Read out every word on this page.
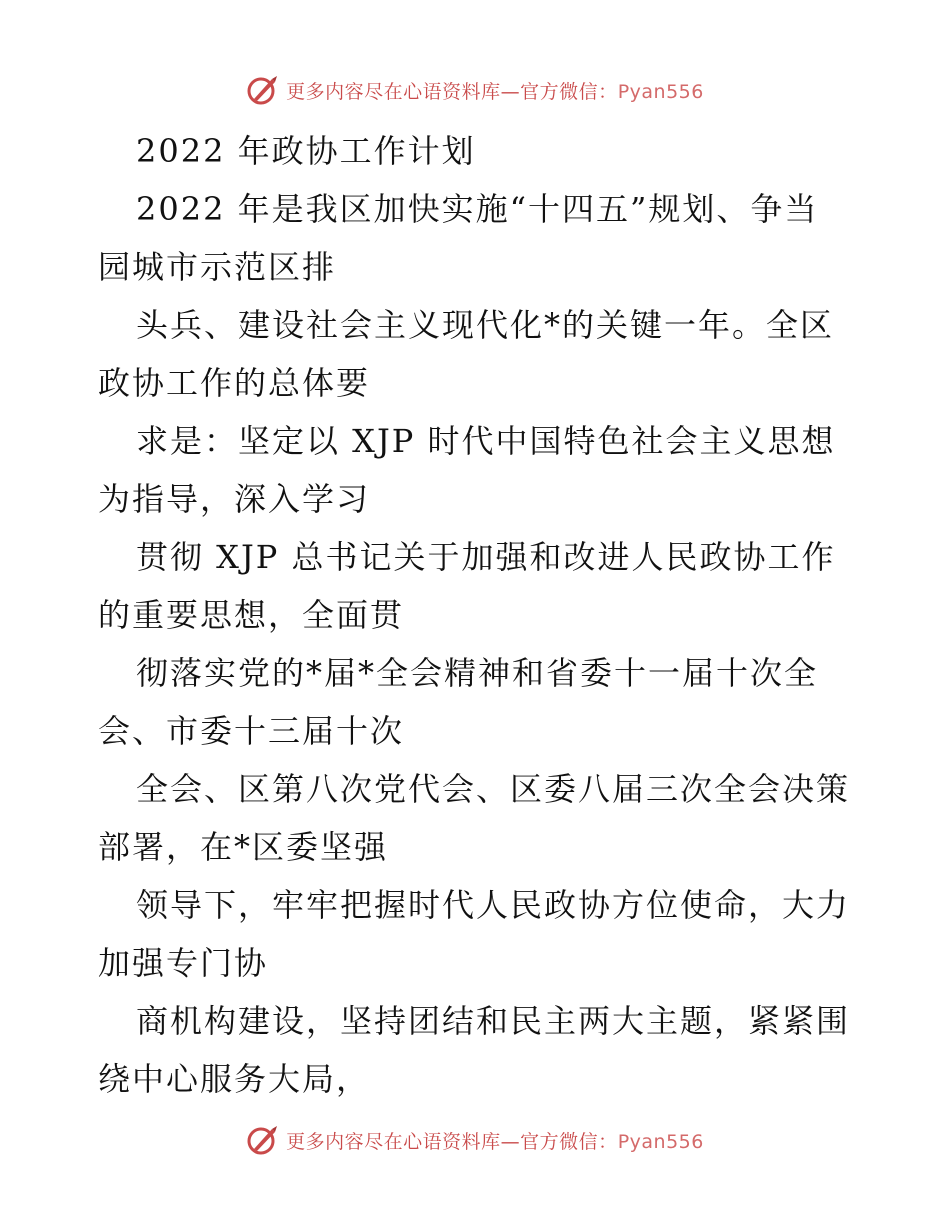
更多内容尽在心语资料库—官方微信：Pyan556
2022 年政协工作计划
2022 年是我区加快实施“十四五”规划、争当
园城市示范区排
头兵、建设社会主义现代化*的关键一年。全区
政协工作的总体要
求是：坚定以 XJP 时代中国特色社会主义思想
为指导，深入学习
贯彻 XJP 总书记关于加强和改进人民政协工作
的重要思想，全面贯
彻落实党的*届*全会精神和省委十一届十次全
会、市委十三届十次
全会、区第八次党代会、区委八届三次全会决策
部署，在*区委坚强
领导下，牢牢把握时代人民政协方位使命，大力
加强专门协
商机构建设，坚持团结和民主两大主题，紧紧围
绕中心服务大局，
更多内容尽在心语资料库—官方微信：Pyan556
